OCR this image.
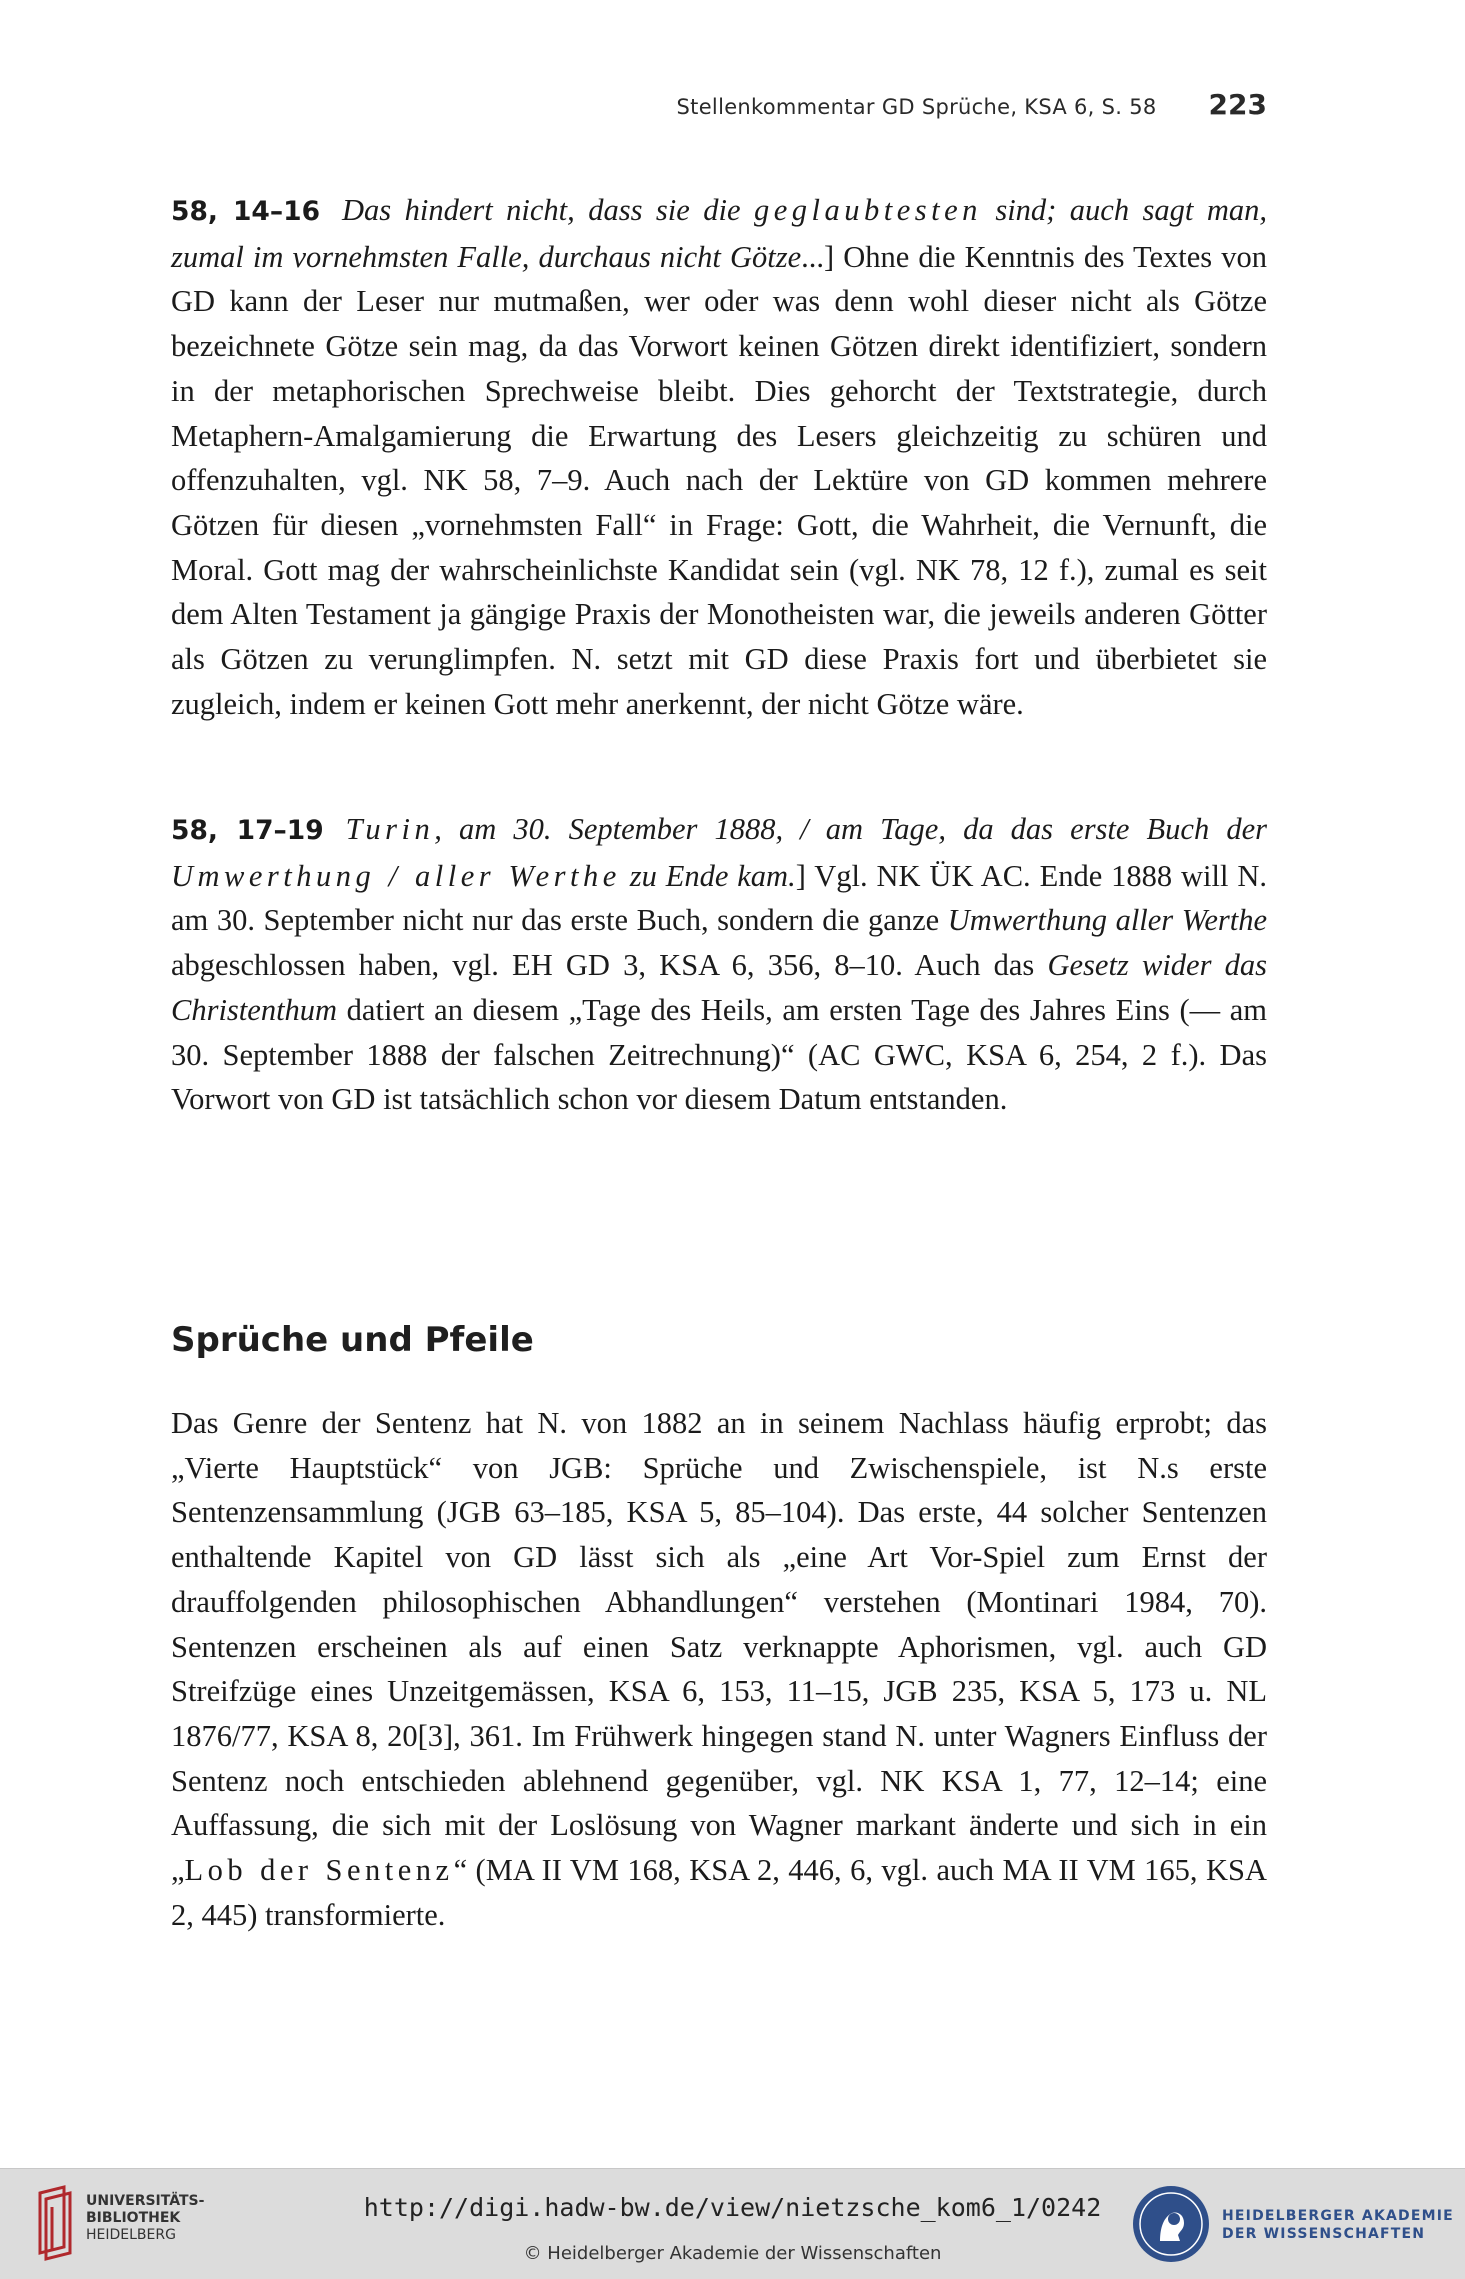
Stellenkommentar GD Sprüche, KSA 6, S. 58 223

58, 14–16 Das hindert nicht, dass sie die geglaubtesten sind; auch sagt man, zumal im vornehmsten Falle, durchaus nicht Götze...] Ohne die Kenntnis des Textes von GD kann der Leser nur mutmaßen, wer oder was denn wohl dieser nicht als Götze bezeichnete Götze sein mag, da das Vorwort keinen Götzen direkt identifiziert, sondern in der metaphorischen Sprechweise bleibt. Dies gehorcht der Textstrategie, durch Metaphern-Amalgamierung die Erwartung des Lesers gleichzeitig zu schüren und offenzuhalten, vgl. NK 58, 7–9. Auch nach der Lektüre von GD kommen mehrere Götzen für diesen „vornehmsten Fall“ in Frage: Gott, die Wahrheit, die Vernunft, die Moral. Gott mag der wahrscheinlichste Kandidat sein (vgl. NK 78, 12 f.), zumal es seit dem Alten Testament ja gängige Praxis der Monotheisten war, die jeweils anderen Götter als Götzen zu verunglimpfen. N. setzt mit GD diese Praxis fort und überbietet sie zugleich, indem er keinen Gott mehr anerkennt, der nicht Götze wäre.

58, 17–19 Turin, am 30. September 1888, / am Tage, da das erste Buch der Umwerthung / aller Werthe zu Ende kam.] Vgl. NK ÜK AC. Ende 1888 will N. am 30. September nicht nur das erste Buch, sondern die ganze Umwerthung aller Werthe abgeschlossen haben, vgl. EH GD 3, KSA 6, 356, 8–10. Auch das Gesetz wider das Christenthum datiert an diesem „Tage des Heils, am ersten Tage des Jahres Eins (— am 30. September 1888 der falschen Zeitrechnung)“ (AC GWC, KSA 6, 254, 2 f.). Das Vorwort von GD ist tatsächlich schon vor diesem Datum entstanden.

Sprüche und Pfeile

Das Genre der Sentenz hat N. von 1882 an in seinem Nachlass häufig erprobt; das „Vierte Hauptstück“ von JGB: Sprüche und Zwischenspiele, ist N.s erste Sentenzensammlung (JGB 63–185, KSA 5, 85–104). Das erste, 44 solcher Sentenzen enthaltende Kapitel von GD lässt sich als „eine Art Vor-Spiel zum Ernst der drauffolgenden philosophischen Abhandlungen“ verstehen (Montinari 1984, 70). Sentenzen erscheinen als auf einen Satz verknappte Aphorismen, vgl. auch GD Streifzüge eines Unzeitgemässen, KSA 6, 153, 11–15, JGB 235, KSA 5, 173 u. NL 1876/77, KSA 8, 20[3], 361. Im Frühwerk hingegen stand N. unter Wagners Einfluss der Sentenz noch entschieden ablehnend gegenüber, vgl. NK KSA 1, 77, 12–14; eine Auffassung, die sich mit der Loslösung von Wagner markant änderte und sich in ein „Lob der Sentenz“ (MA II VM 168, KSA 2, 446, 6, vgl. auch MA II VM 165, KSA 2, 445) transformierte.

UNIVERSITÄTS-
BIBLIOTHEK
HEIDELBERG
http://digi.hadw-bw.de/view/nietzsche_kom6_1/0242
© Heidelberger Akademie der Wissenschaften
HEIDELBERGER AKADEMIE
DER WISSENSCHAFTEN
